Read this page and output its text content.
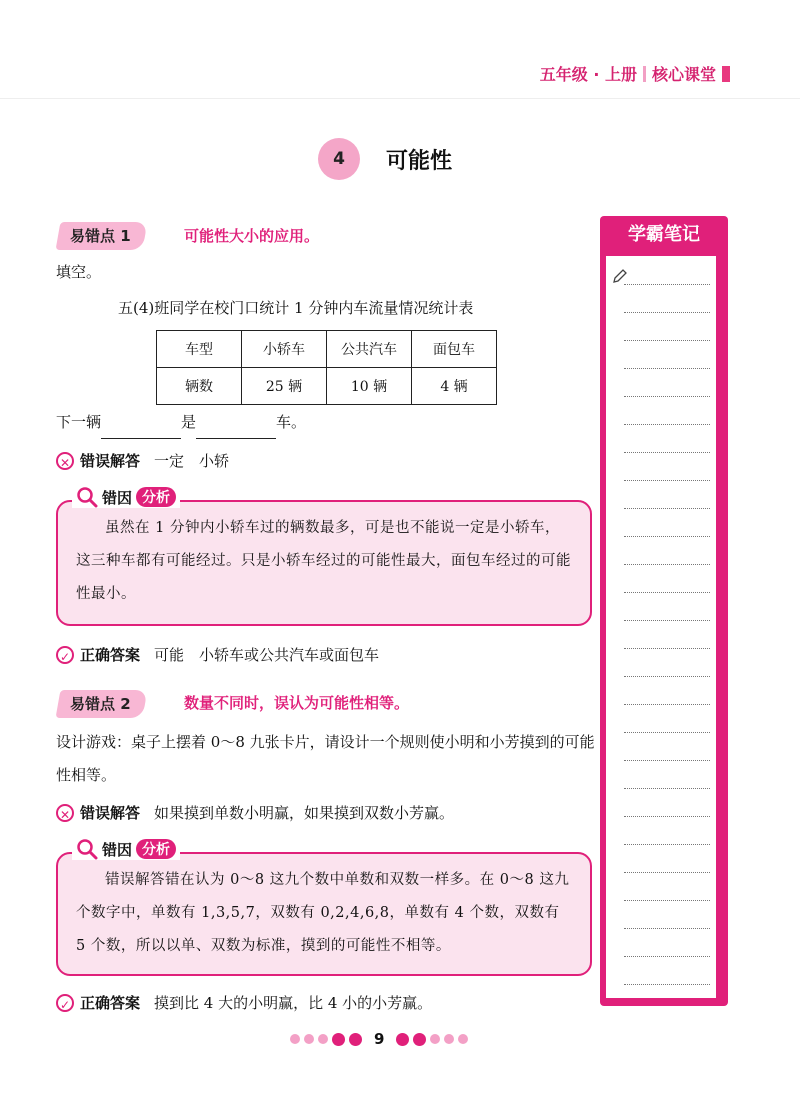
五年级 · 上册 核心课堂
4	可能性
易错点 1	可能性大小的应用。
填空。
五(4)班同学在校门口统计 1 分钟内车流量情况统计表
车型	小轿车	公共汽车	面包车
辆数	25 辆	10 辆	4 辆
下一辆	是	车。
✕ 错误解答 一定　小轿
虽然在 1 分钟内小轿车过的辆数最多，可是也不能说一定是小轿车，这三种车都有可能经过。只是小轿车经过的可能性最大，面包车经过的可能性最小。
错因 分析
✓ 正确答案 可能　小轿车或公共汽车或面包车
易错点 2	数量不同时，误认为可能性相等。
设计游戏：桌子上摆着 0～8 九张卡片，请设计一个规则使小明和小芳摸到的可能性相等。
✕ 错误解答 如果摸到单数小明赢，如果摸到双数小芳赢。
错误解答错在认为 0～8 这九个数中单数和双数一样多。在 0～8 这九个数字中，单数有 1,3,5,7，双数有 0,2,4,6,8，单数有 4 个数，双数有 5 个数，所以以单、双数为标准，摸到的可能性不相等。
错因 分析
✓ 正确答案 摸到比 4 大的小明赢，比 4 小的小芳赢。
学霸笔记
9
